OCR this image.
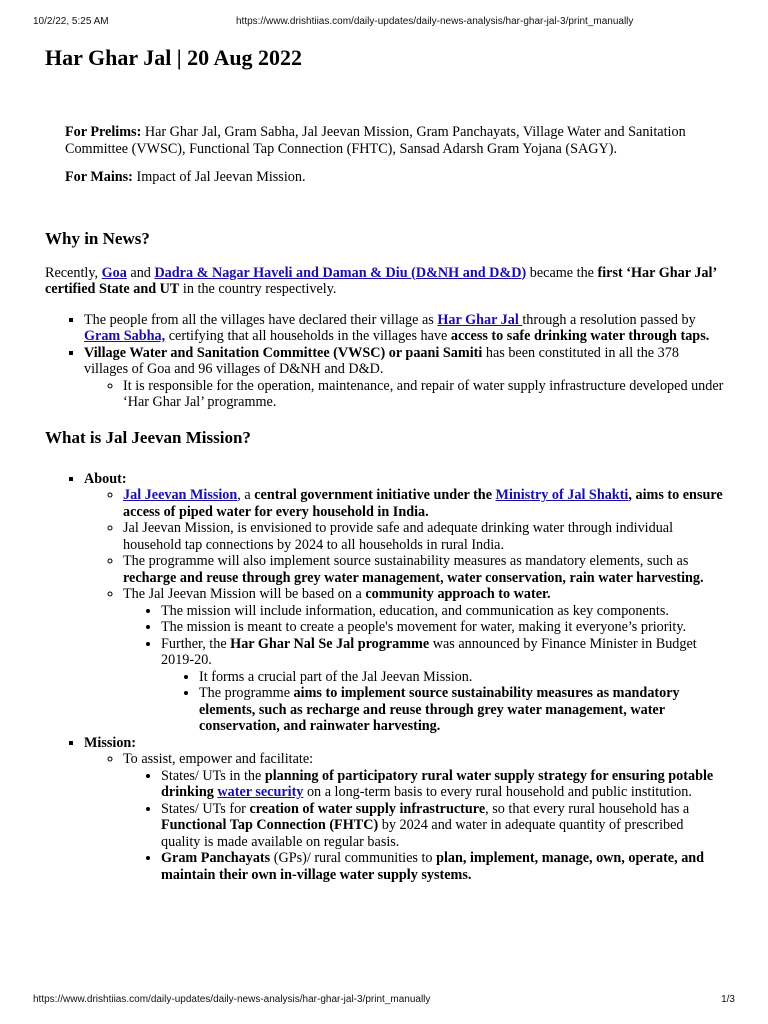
10/2/22, 5:25 AM	https://www.drishtiias.com/daily-updates/daily-news-analysis/har-ghar-jal-3/print_manually
Har Ghar Jal | 20 Aug 2022

For Prelims: Har Ghar Jal, Gram Sabha, Jal Jeevan Mission, Gram Panchayats, Village Water and Sanitation Committee (VWSC), Functional Tap Connection (FHTC), Sansad Adarsh Gram Yojana (SAGY).

For Mains: Impact of Jal Jeevan Mission.

Why in News?

Recently, Goa and Dadra & Nagar Haveli and Daman & Diu (D&NH and D&D) became the first ‘Har Ghar Jal’ certified State and UT in the country respectively.

▪ The people from all the villages have declared their village as Har Ghar Jal through a resolution passed by Gram Sabha, certifying that all households in the villages have access to safe drinking water through taps.
▪ Village Water and Sanitation Committee (VWSC) or paani Samiti has been constituted in all the 378 villages of Goa and 96 villages of D&NH and D&D.
◦ It is responsible for the operation, maintenance, and repair of water supply infrastructure developed under ‘Har Ghar Jal’ programme.
What is Jal Jeevan Mission?
▪ About:
◦ Jal Jeevan Mission, a central government initiative under the Ministry of Jal Shakti, aims to ensure access of piped water for every household in India.
◦ Jal Jeevan Mission, is envisioned to provide safe and adequate drinking water through individual household tap connections by 2024 to all households in rural India.
◦ The programme will also implement source sustainability measures as mandatory elements, such as recharge and reuse through grey water management, water conservation, rain water harvesting.
◦ The Jal Jeevan Mission will be based on a community approach to water.
• The mission will include information, education, and communication as key components.
• The mission is meant to create a people's movement for water, making it everyone’s priority.
• Further, the Har Ghar Nal Se Jal programme was announced by Finance Minister in Budget 2019-20.
• It forms a crucial part of the Jal Jeevan Mission.
• The programme aims to implement source sustainability measures as mandatory elements, such as recharge and reuse through grey water management, water conservation, and rainwater harvesting.
▪ Mission:
◦ To assist, empower and facilitate:
• States/ UTs in the planning of participatory rural water supply strategy for ensuring potable drinking water security on a long-term basis to every rural household and public institution.
• States/ UTs for creation of water supply infrastructure, so that every rural household has a Functional Tap Connection (FHTC) by 2024 and water in adequate quantity of prescribed quality is made available on regular basis.
• Gram Panchayats (GPs)/ rural communities to plan, implement, manage, own, operate, and maintain their own in-village water supply systems.
https://www.drishtiias.com/daily-updates/daily-news-analysis/har-ghar-jal-3/print_manually	1/3
